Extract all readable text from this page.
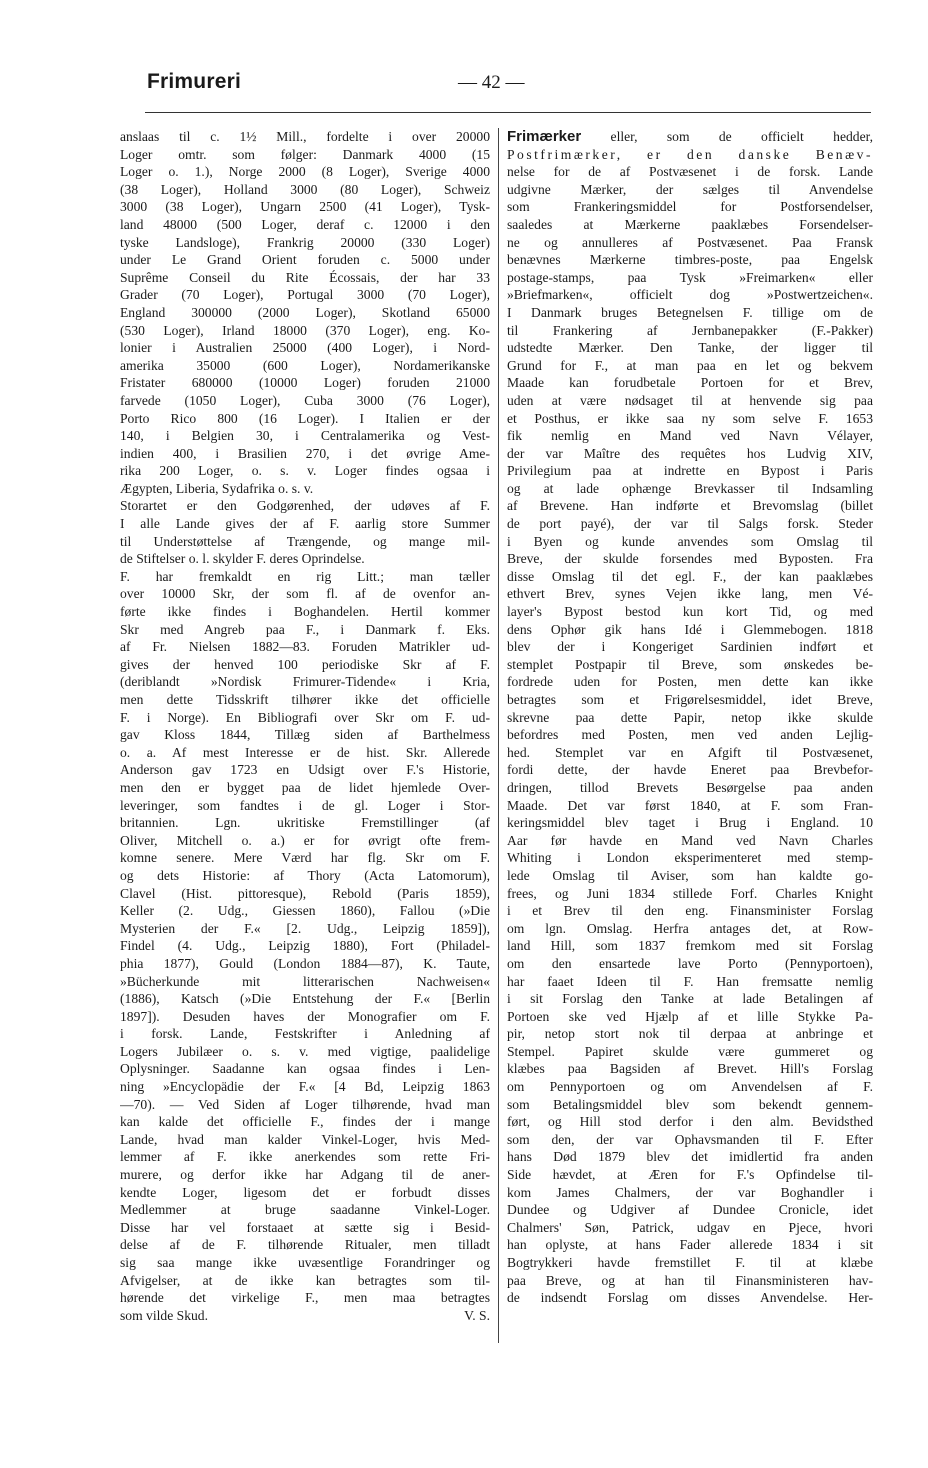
Frimureri	— 42 —
anslaas til c. 1½ Mill., fordelte i over 20000
Loger omtr. som følger: Danmark 4000 (15
Loger o. 1.), Norge 2000 (8 Loger), Sverige 4000
(38 Loger), Holland 3000 (80 Loger), Schweiz
3000 (38 Loger), Ungarn 2500 (41 Loger), Tysk-
land 48000 (500 Loger, deraf c. 12000 i den
tyske Landsloge), Frankrig 20000 (330 Loger)
under Le Grand Orient foruden c. 5000 under
Suprême Conseil du Rite Écossais, der har 33
Grader (70 Loger), Portugal 3000 (70 Loger),
England 300000 (2000 Loger), Skotland 65000
(530 Loger), Irland 18000 (370 Loger), eng. Ko-
lonier i Australien 25000 (400 Loger), i Nord-
amerika 35000 (600 Loger), Nordamerikanske
Fristater 680000 (10000 Loger) foruden 21000
farvede (1050 Loger), Cuba 3000 (76 Loger),
Porto Rico 800 (16 Loger). I Italien er der
140, i Belgien 30, i Centralamerika og Vest-
indien 400, i Brasilien 270, i det øvrige Ame-
rika 200 Loger, o. s. v. Loger findes ogsaa i
Ægypten, Liberia, Sydafrika o. s. v.
Storartet er den Godgørenhed, der udøves af F.
I alle Lande gives der af F. aarlig store Summer
til Understøttelse af Trængende, og mange mil-
de Stiftelser o. l. skylder F. deres Oprindelse.
F. har fremkaldt en rig Litt.; man tæller
over 10000 Skr, der som fl. af de ovenfor an-
førte ikke findes i Boghandelen. Hertil kommer
Skr med Angreb paa F., i Danmark f. Eks.
af Fr. Nielsen 1882—83. Foruden Matrikler ud-
gives der henved 100 periodiske Skr af F.
(deriblandt »Nordisk Frimurer-Tidende« i Kria,
men dette Tidsskrift tilhører ikke det officielle
F. i Norge). En Bibliografi over Skr om F. ud-
gav Kloss 1844, Tillæg siden af Barthelmess
o. a. Af mest Interesse er de hist. Skr. Allerede
Anderson gav 1723 en Udsigt over F.'s Historie,
men den er bygget paa de lidet hjemlede Over-
leveringer, som fandtes i de gl. Loger i Stor-
britannien. Lgn. ukritiske Fremstillinger (af
Oliver, Mitchell o. a.) er for øvrigt ofte frem-
komne senere. Mere Værd har flg. Skr om F.
og dets Historie: af Thory (Acta Latomorum),
Clavel (Hist. pittoresque), Rebold (Paris 1859),
Keller (2. Udg., Giessen 1860), Fallou (»Die
Mysterien der F.« [2. Udg., Leipzig 1859]),
Findel (4. Udg., Leipzig 1880), Fort (Philadel-
phia 1877), Gould (London 1884—87), K. Taute,
»Bücherkunde mit litterarischen Nachweisen«
(1886), Katsch (»Die Entstehung der F.« [Berlin
1897]). Desuden haves der Monografier om F.
i forsk. Lande, Festskrifter i Anledning af
Logers Jubilæer o. s. v. med vigtige, paalidelige
Oplysninger. Saadanne kan ogsaa findes i Len-
ning »Encyclopädie der F.« [4 Bd, Leipzig 1863
—70). — Ved Siden af Loger tilhørende, hvad man
kan kalde det officielle F., findes der i mange
Lande, hvad man kalder Vinkel-Loger, hvis Med-
lemmer af F. ikke anerkendes som rette Fri-
murere, og derfor ikke har Adgang til de aner-
kendte Loger, ligesom det er forbudt disses
Medlemmer at bruge saadanne Vinkel-Loger.
Disse har vel forstaaet at sætte sig i Besid-
delse af de F. tilhørende Ritualer, men tilladt
sig saa mange ikke uvæsentlige Forandringer og
Afvigelser, at de ikke kan betragtes som til-
hørende det virkelige F., men maa betragtes
som vilde Skud.	V. S.
Frimærker eller, som de officielt hedder,
Postfrimærker, er den danske Benæv-
nelse for de af Postvæsenet i de forsk. Lande
udgivne Mærker, der sælges til Anvendelse
som Frankeringsmiddel for Postforsendelser,
saaledes at Mærkerne paaklæbes Forsendelser-
ne og annulleres af Postvæsenet. Paa Fransk
benævnes Mærkerne timbres-poste, paa Engelsk
postage-stamps, paa Tysk »Freimarken« eller
»Briefmarken«, officielt dog »Postwertzeichen«.
I Danmark bruges Betegnelsen F. tillige om de
til Frankering af Jernbanepakker (F.-Pakker)
udstedte Mærker. Den Tanke, der ligger til
Grund for F., at man paa en let og bekvem
Maade kan forudbetale Portoen for et Brev,
uden at være nødsaget til at henvende sig paa
et Posthus, er ikke saa ny som selve F. 1653
fik nemlig en Mand ved Navn Vélayer,
der var Maître des requêtes hos Ludvig XIV,
Privilegium paa at indrette en Bypost i Paris
og at lade ophænge Brevkasser til Indsamling
af Brevene. Han indførte et Brevomslag (billet
de port payé), der var til Salgs forsk. Steder
i Byen og kunde anvendes som Omslag til
Breve, der skulde forsendes med Byposten. Fra
disse Omslag til det egl. F., der kan paaklæbes
ethvert Brev, synes Vejen ikke lang, men Vé-
layer's Bypost bestod kun kort Tid, og med
dens Ophør gik hans Idé i Glemmebogen. 1818
blev der i Kongeriget Sardinien indført et
stemplet Postpapir til Breve, som ønskedes be-
fordrede uden for Posten, men dette kan ikke
betragtes som et Frigørelsesmiddel, idet Breve,
skrevne paa dette Papir, netop ikke skulde
befordres med Posten, men ved anden Lejlig-
hed. Stemplet var en Afgift til Postvæsenet,
fordi dette, der havde Eneret paa Brevbefor-
dringen, tillod Brevets Besørgelse paa anden
Maade. Det var først 1840, at F. som Fran-
keringsmiddel blev taget i Brug i England. 10
Aar før havde en Mand ved Navn Charles
Whiting i London eksperimenteret med stemp-
lede Omslag til Aviser, som han kaldte go-
frees, og Juni 1834 stillede Forf. Charles Knight
i et Brev til den eng. Finansminister Forslag
om lgn. Omslag. Herfra antages det, at Row-
land Hill, som 1837 fremkom med sit Forslag
om den ensartede lave Porto (Pennyportoen),
har faaet Ideen til F. Han fremsatte nemlig
i sit Forslag den Tanke at lade Betalingen af
Portoen ske ved Hjælp af et lille Stykke Pa-
pir, netop stort nok til derpaa at anbringe et
Stempel. Papiret skulde være gummeret og
klæbes paa Bagsiden af Brevet. Hill's Forslag
om Pennyportoen og om Anvendelsen af F.
som Betalingsmiddel blev som bekendt gennem-
ført, og Hill stod derfor i den alm. Bevidsthed
som den, der var Ophavsmanden til F. Efter
hans Død 1879 blev det imidlertid fra anden
Side hævdet, at Æren for F.'s Opfindelse til-
kom James Chalmers, der var Boghandler i
Dundee og Udgiver af Dundee Cronicle, idet
Chalmers' Søn, Patrick, udgav en Pjece, hvori
han oplyste, at hans Fader allerede 1834 i sit
Bogtrykkeri havde fremstillet F. til at klæbe
paa Breve, og at han til Finansministeren hav-
de indsendt Forslag om disses Anvendelse. Her-
